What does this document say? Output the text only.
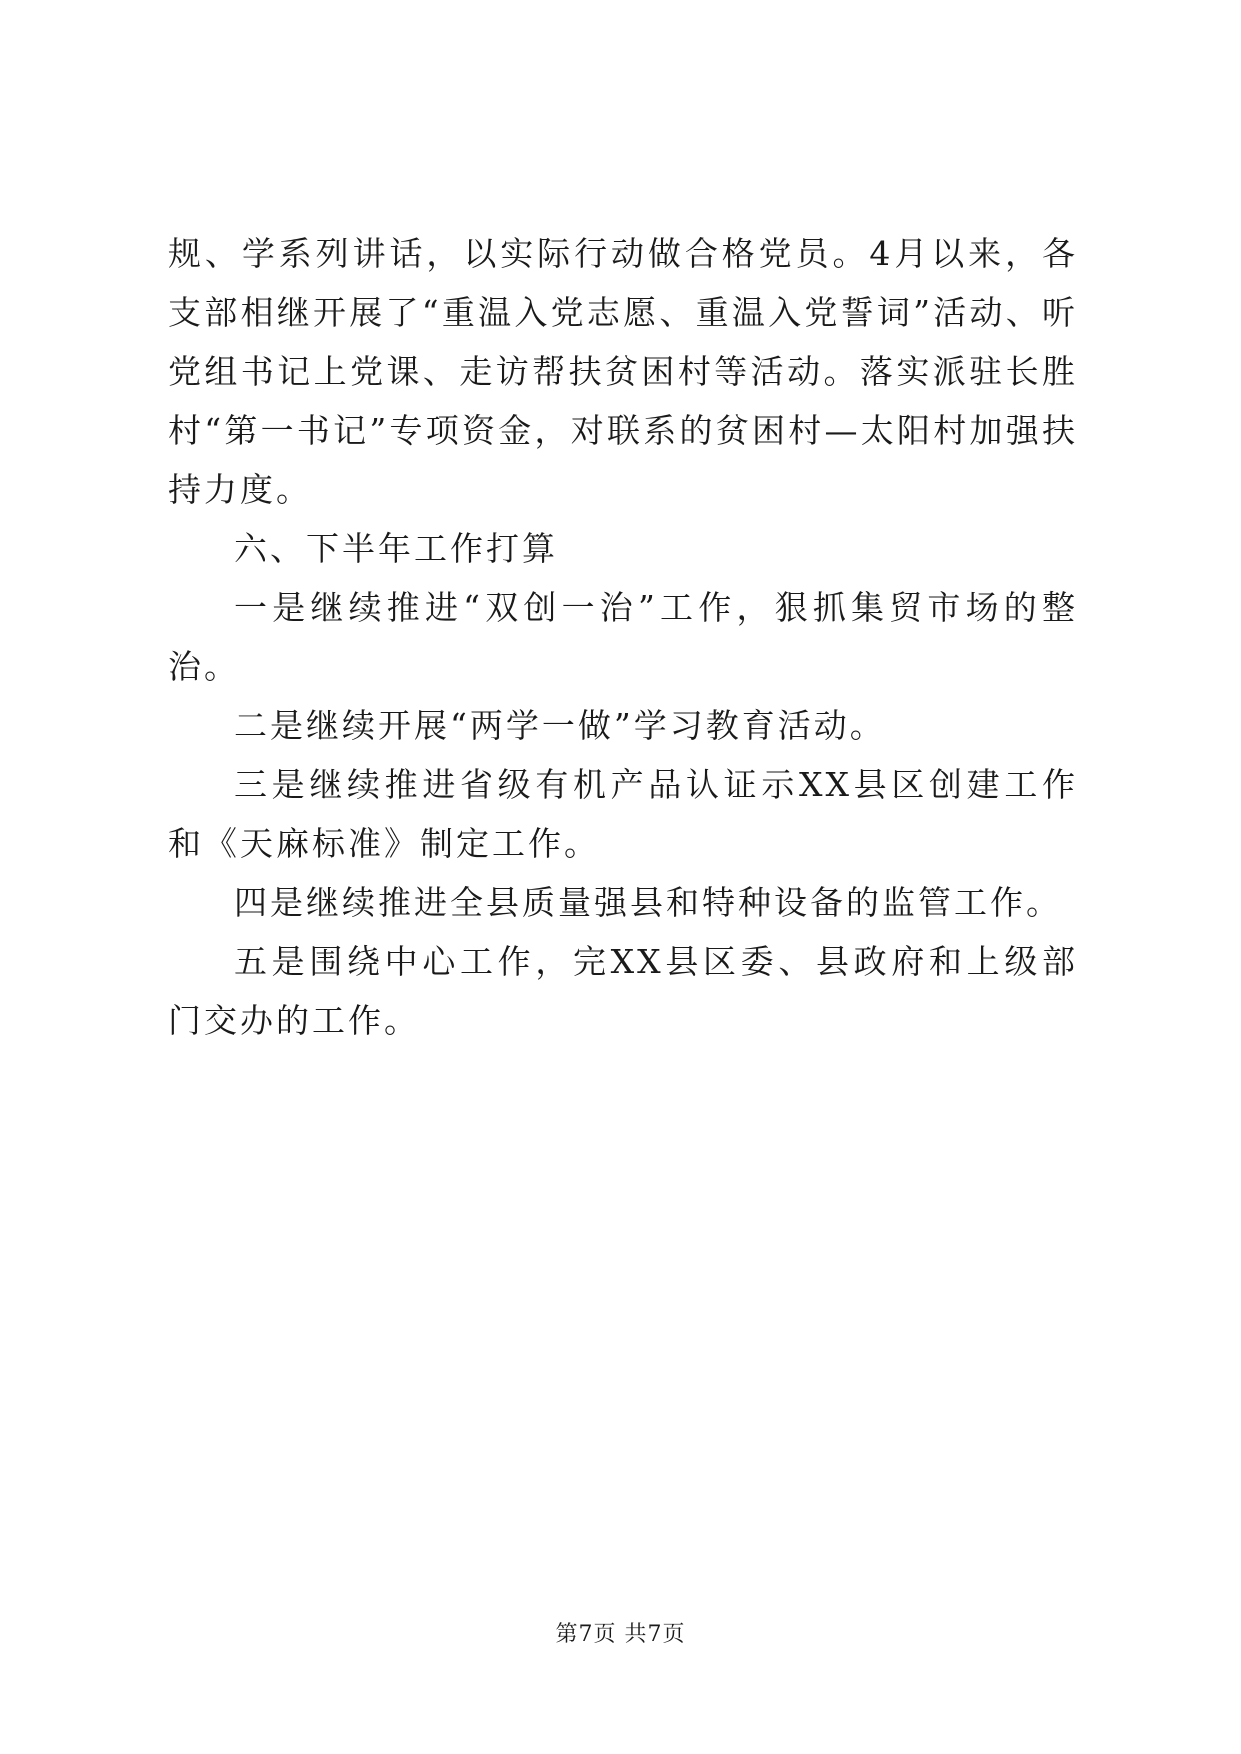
规、学系列讲话，以实际行动做合格党员。4月以来，各支部相继开展了“重温入党志愿、重温入党誓词”活动、听党组书记上党课、走访帮扶贫困村等活动。落实派驻长胜村“第一书记”专项资金，对联系的贫困村—太阳村加强扶持力度。

六、下半年工作打算

一是继续推进“双创一治”工作，狠抓集贸市场的整治。

二是继续开展“两学一做”学习教育活动。

三是继续推进省级有机产品认证示XX县区创建工作和《天麻标准》制定工作。

四是继续推进全县质量强县和特种设备的监管工作。

五是围绕中心工作，完XX县区委、县政府和上级部门交办的工作。

第7页 共7页
